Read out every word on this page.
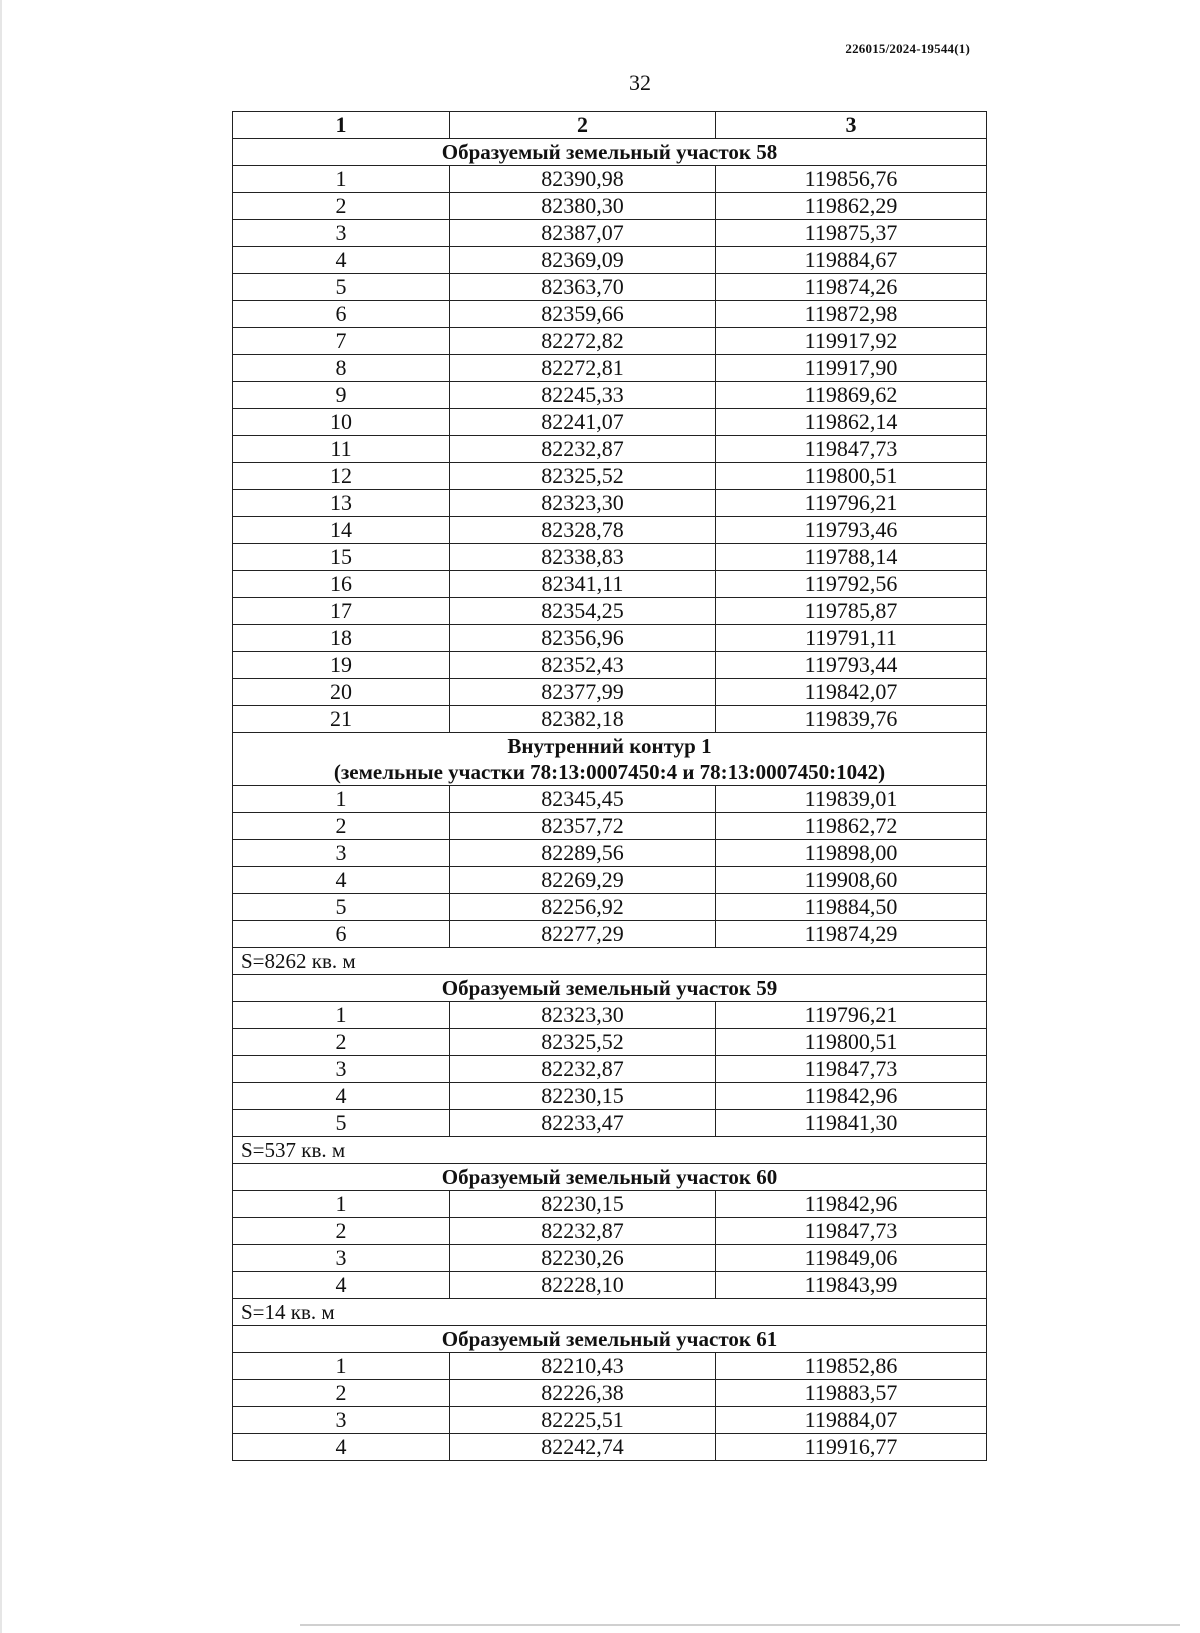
226015/2024-19544(1)
32
1	2	3
Образуемый земельный участок 58		
1	82390,98	119856,76
2	82380,30	119862,29
3	82387,07	119875,37
4	82369,09	119884,67
5	82363,70	119874,26
6	82359,66	119872,98
7	82272,82	119917,92
8	82272,81	119917,90
9	82245,33	119869,62
10	82241,07	119862,14
11	82232,87	119847,73
12	82325,52	119800,51
13	82323,30	119796,21
14	82328,78	119793,46
15	82338,83	119788,14
16	82341,11	119792,56
17	82354,25	119785,87
18	82356,96	119791,11
19	82352,43	119793,44
20	82377,99	119842,07
21	82382,18	119839,76

Внутренний контур 1
(земельные участки 78:13:0007450:4 и 78:13:0007450:1042)		

1	82345,45	119839,01
2	82357,72	119862,72
3	82289,56	119898,00
4	82269,29	119908,60
5	82256,92	119884,50
6	82277,29	119874,29
S=8262 кв. м		
Образуемый земельный участок 59		
1	82323,30	119796,21
2	82325,52	119800,51
3	82232,87	119847,73
4	82230,15	119842,96
5	82233,47	119841,30
S=537 кв. м		
Образуемый земельный участок 60		
1	82230,15	119842,96
2	82232,87	119847,73
3	82230,26	119849,06
4	82228,10	119843,99
S=14 кв. м		
Образуемый земельный участок 61		
1	82210,43	119852,86
2	82226,38	119883,57
3	82225,51	119884,07
4	82242,74	119916,77
